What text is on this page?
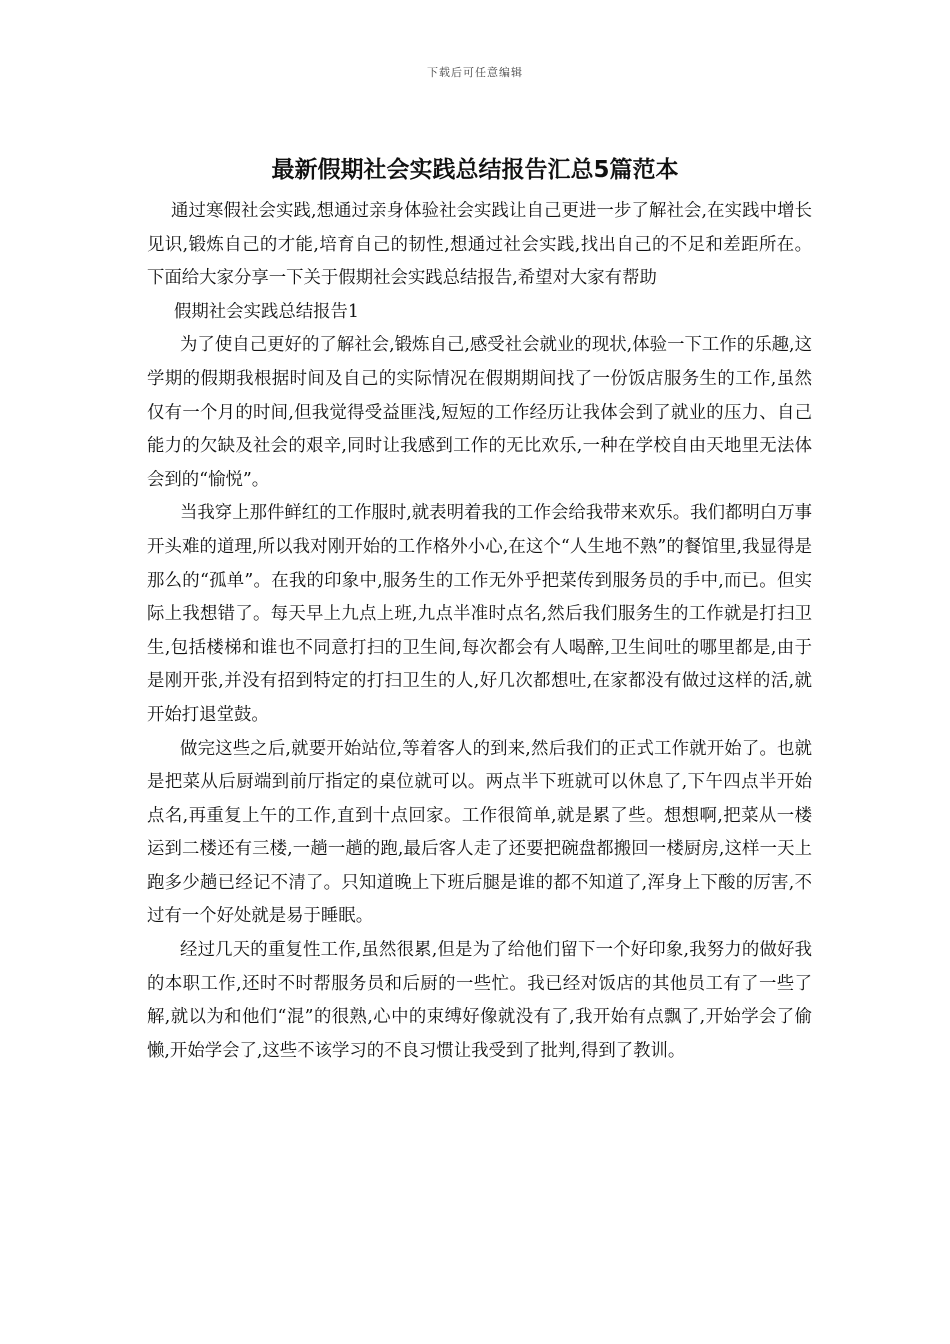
下载后可任意编辑
最新假期社会实践总结报告汇总5篇范本

通过寒假社会实践,想通过亲身体验社会实践让自己更进一步了解社会,在实践中增长见识,锻炼自己的才能,培育自己的韧性,想通过社会实践,找出自己的不足和差距所在。下面给大家分享一下关于假期社会实践总结报告,希望对大家有帮助

假期社会实践总结报告1

为了使自己更好的了解社会,锻炼自己,感受社会就业的现状,体验一下工作的乐趣,这学期的假期我根据时间及自己的实际情况在假期期间找了一份饭店服务生的工作,虽然仅有一个月的时间,但我觉得受益匪浅,短短的工作经历让我体会到了就业的压力、自己能力的欠缺及社会的艰辛,同时让我感到工作的无比欢乐,一种在学校自由天地里无法体会到的“愉悦”。

当我穿上那件鲜红的工作服时,就表明着我的工作会给我带来欢乐。我们都明白万事开头难的道理,所以我对刚开始的工作格外小心,在这个“人生地不熟”的餐馆里,我显得是那么的“孤单”。在我的印象中,服务生的工作无外乎把菜传到服务员的手中,而已。但实际上我想错了。每天早上九点上班,九点半准时点名,然后我们服务生的工作就是打扫卫生,包括楼梯和谁也不同意打扫的卫生间,每次都会有人喝醉,卫生间吐的哪里都是,由于是刚开张,并没有招到特定的打扫卫生的人,好几次都想吐,在家都没有做过这样的活,就开始打退堂鼓。

做完这些之后,就要开始站位,等着客人的到来,然后我们的正式工作就开始了。也就是把菜从后厨端到前厅指定的桌位就可以。两点半下班就可以休息了,下午四点半开始点名,再重复上午的工作,直到十点回家。工作很简单,就是累了些。想想啊,把菜从一楼运到二楼还有三楼,一趟一趟的跑,最后客人走了还要把碗盘都搬回一楼厨房,这样一天上跑多少趟已经记不清了。只知道晚上下班后腿是谁的都不知道了,浑身上下酸的厉害,不过有一个好处就是易于睡眠。

经过几天的重复性工作,虽然很累,但是为了给他们留下一个好印象,我努力的做好我的本职工作,还时不时帮服务员和后厨的一些忙。我已经对饭店的其他员工有了一些了解,就以为和他们“混”的很熟,心中的束缚好像就没有了,我开始有点飘了,开始学会了偷懒,开始学会了,这些不该学习的不良习惯让我受到了批判,得到了教训。
